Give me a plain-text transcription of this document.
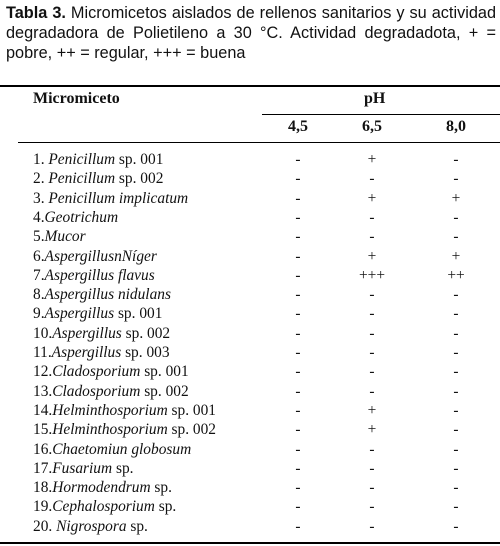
Tabla 3. Micromicetos aislados de rellenos sanitarios y su actividad degradadora de Polietileno a 30 °C. Actividad degradadota, + = pobre, ++ = regular, +++ = buena
Micromiceto	pH
4,5	6,5	8,0
1. Penicillum sp. 001	-	+	-
2. Penicillum sp. 002	-	-	-
3. Penicillum implicatum	-	+	+
4.Geotrichum	-	-	-
5.Mucor	-	-	-
6.AspergillusnNíger	-	+	+
7.Aspergillus flavus	-	+++	++
8.Aspergillus nidulans	-	-	-
9.Aspergillus sp. 001	-	-	-
10.Aspergillus sp. 002	-	-	-
11.Aspergillus sp. 003	-	-	-
12.Cladosporium sp. 001	-	-	-
13.Cladosporium sp. 002	-	-	-
14.Helminthosporium sp. 001	-	+	-
15.Helminthosporium sp. 002	-	+	-
16.Chaetomiun globosum	-	-	-
17.Fusarium sp.	-	-	-
18.Hormodendrum sp.	-	-	-
19.Cephalosporium sp.	-	-	-
20. Nigrospora sp.	-	-	-
